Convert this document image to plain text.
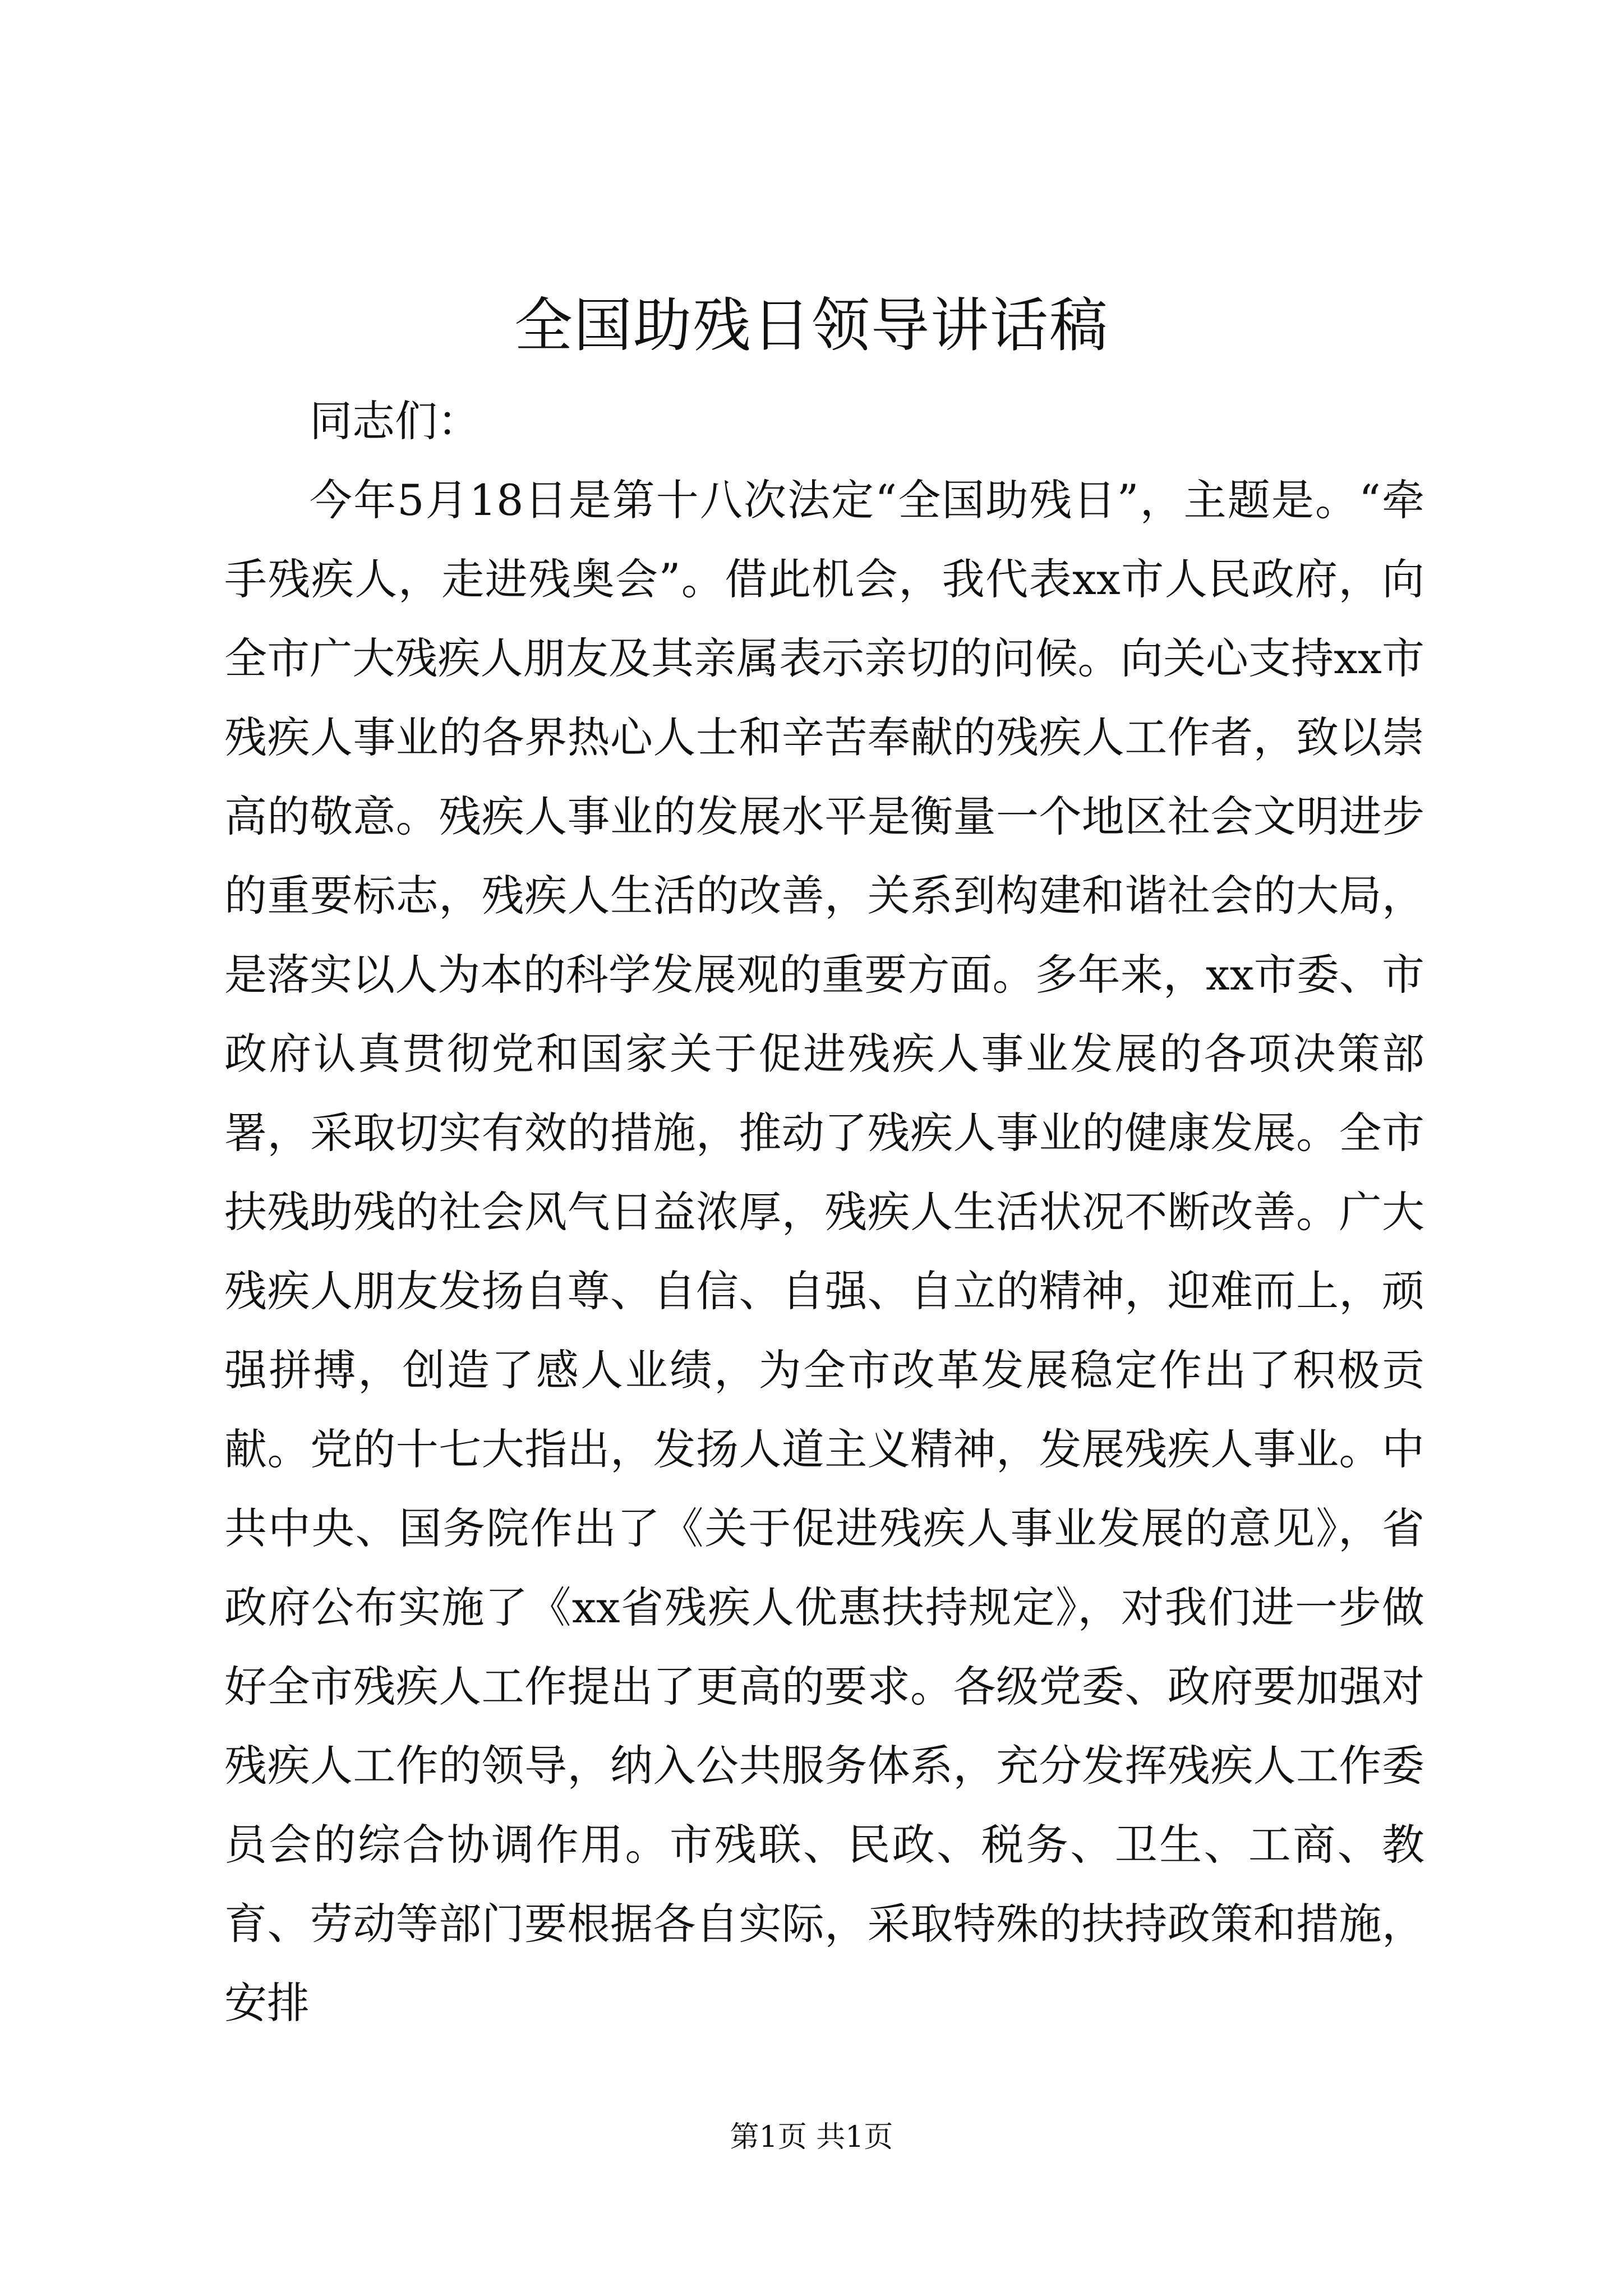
全国助残日领导讲话稿

同志们：

今年5月18日是第十八次法定“全国助残日”，主题是。“牵手残疾人，走进残奥会”。借此机会，我代表xx市人民政府，向全市广大残疾人朋友及其亲属表示亲切的问候。向关心支持xx市残疾人事业的各界热心人士和辛苦奉献的残疾人工作者，致以崇高的敬意。残疾人事业的发展水平是衡量一个地区社会文明进步的重要标志，残疾人生活的改善，关系到构建和谐社会的大局，是落实以人为本的科学发展观的重要方面。多年来，xx市委、市政府认真贯彻党和国家关于促进残疾人事业发展的各项决策部署，采取切实有效的措施，推动了残疾人事业的健康发展。全市扶残助残的社会风气日益浓厚，残疾人生活状况不断改善。广大残疾人朋友发扬自尊、自信、自强、自立的精神，迎难而上，顽强拼搏，创造了感人业绩，为全市改革发展稳定作出了积极贡献。党的十七大指出，发扬人道主义精神，发展残疾人事业。中共中央、国务院作出了《关于促进残疾人事业发展的意见》，省政府公布实施了《xx省残疾人优惠扶持规定》，对我们进一步做好全市残疾人工作提出了更高的要求。各级党委、政府要加强对残疾人工作的领导，纳入公共服务体系，充分发挥残疾人工作委员会的综合协调作用。市残联、民政、税务、卫生、工商、教育、劳动等部门要根据各自实际，采取特殊的扶持政策和措施，安排

第1页 共1页
